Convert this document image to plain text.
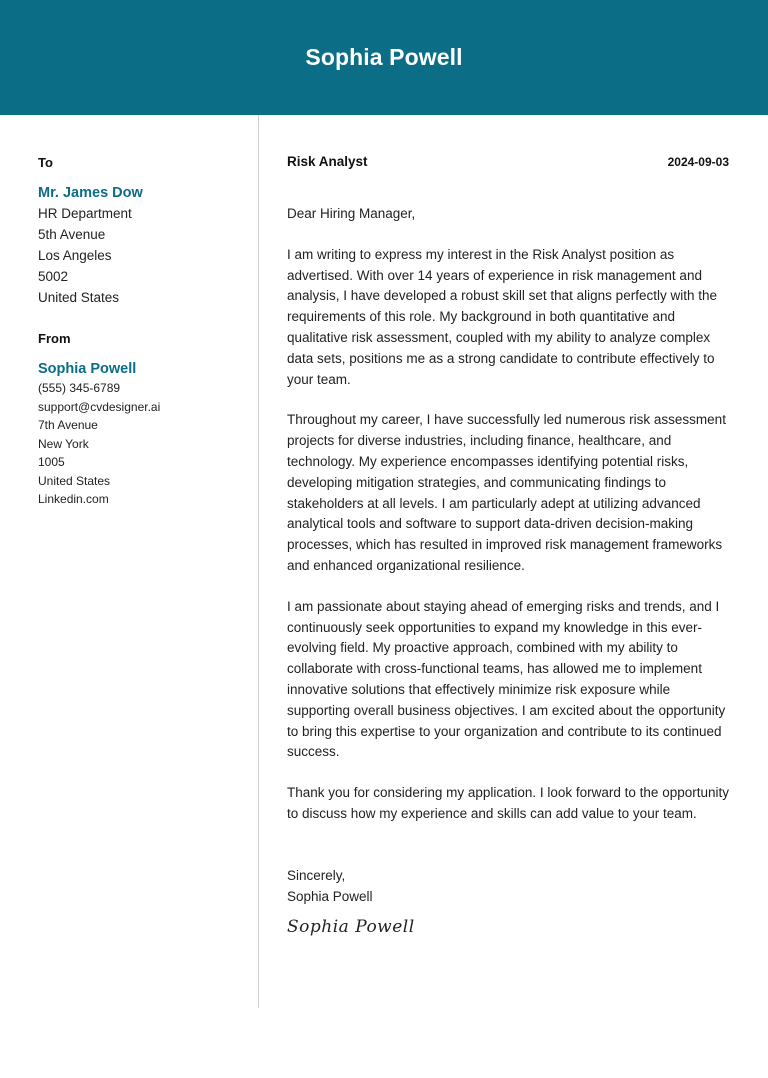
Sophia Powell
To
Mr. James Dow
HR Department
5th Avenue
Los Angeles
5002
United States
From
Sophia Powell
(555) 345-6789
support@cvdesigner.ai
7th Avenue
New York
1005
United States
Linkedin.com
Risk Analyst	2024-09-03

Dear Hiring Manager,

I am writing to express my interest in the Risk Analyst position as advertised. With over 14 years of experience in risk management and analysis, I have developed a robust skill set that aligns perfectly with the requirements of this role. My background in both quantitative and qualitative risk assessment, coupled with my ability to analyze complex data sets, positions me as a strong candidate to contribute effectively to your team.

Throughout my career, I have successfully led numerous risk assessment projects for diverse industries, including finance, healthcare, and technology. My experience encompasses identifying potential risks, developing mitigation strategies, and communicating findings to stakeholders at all levels. I am particularly adept at utilizing advanced analytical tools and software to support data-driven decision-making processes, which has resulted in improved risk management frameworks and enhanced organizational resilience.

I am passionate about staying ahead of emerging risks and trends, and I continuously seek opportunities to expand my knowledge in this ever-evolving field. My proactive approach, combined with my ability to collaborate with cross-functional teams, has allowed me to implement innovative solutions that effectively minimize risk exposure while supporting overall business objectives. I am excited about the opportunity to bring this expertise to your organization and contribute to its continued success.

Thank you for considering my application. I look forward to the opportunity to discuss how my experience and skills can add value to your team.

Sincerely,

Sophia Powell

Sophia Powell
